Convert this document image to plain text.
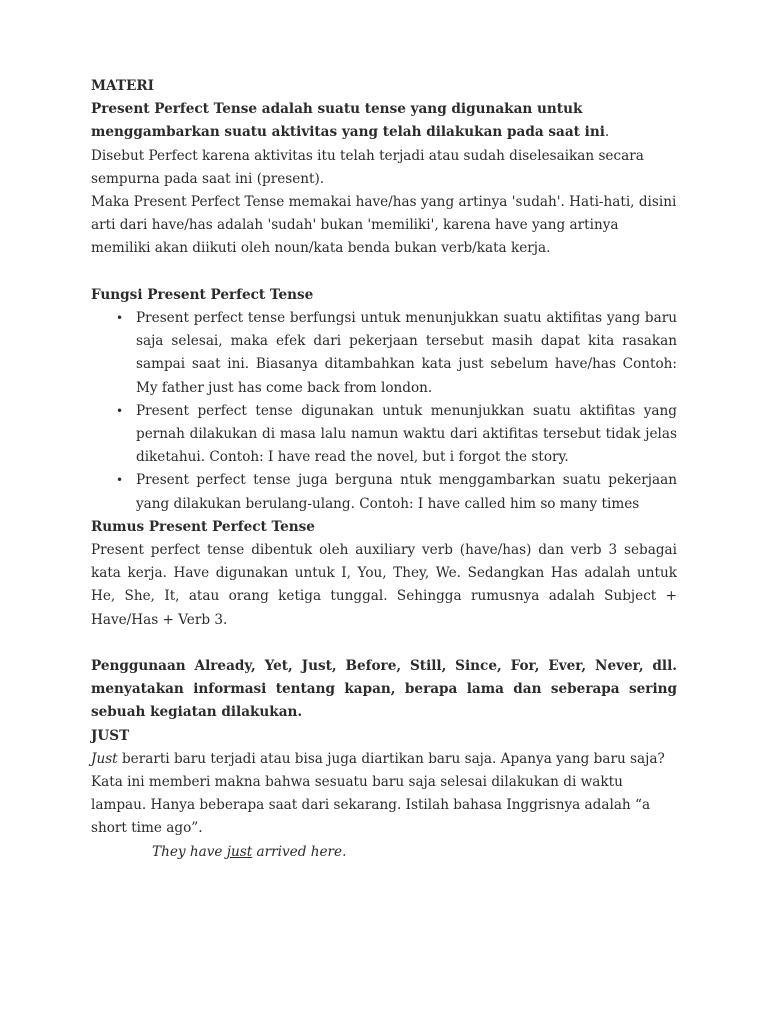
MATERI

Present Perfect Tense adalah suatu tense yang digunakan untuk menggambarkan suatu aktivitas yang telah dilakukan pada saat ini.

Disebut Perfect karena aktivitas itu telah terjadi atau sudah diselesaikan secara sempurna pada saat ini (present).

Maka Present Perfect Tense memakai have/has yang artinya 'sudah'. Hati-hati, disini arti dari have/has adalah 'sudah' bukan 'memiliki', karena have yang artinya memiliki akan diikuti oleh noun/kata benda bukan verb/kata kerja.

Fungsi Present Perfect Tense

• Present perfect tense berfungsi untuk menunjukkan suatu aktifitas yang baru saja selesai, maka efek dari pekerjaan tersebut masih dapat kita rasakan sampai saat ini. Biasanya ditambahkan kata just sebelum have/has Contoh: My father just has come back from london.
• Present perfect tense digunakan untuk menunjukkan suatu aktifitas yang pernah dilakukan di masa lalu namun waktu dari aktifitas tersebut tidak jelas diketahui. Contoh: I have read the novel, but i forgot the story.
• Present perfect tense juga berguna ntuk menggambarkan suatu pekerjaan yang dilakukan berulang-ulang. Contoh: I have called him so many times

Rumus Present Perfect Tense

Present perfect tense dibentuk oleh auxiliary verb (have/has) dan verb 3 sebagai kata kerja. Have digunakan untuk I, You, They, We. Sedangkan Has adalah untuk He, She, It, atau orang ketiga tunggal. Sehingga rumusnya adalah Subject + Have/Has + Verb 3.

Penggunaan Already, Yet, Just, Before, Still, Since, For, Ever, Never, dll. menyatakan informasi tentang kapan, berapa lama dan seberapa sering sebuah kegiatan dilakukan.

JUST

Just berarti baru terjadi atau bisa juga diartikan baru saja. Apanya yang baru saja? Kata ini memberi makna bahwa sesuatu baru saja selesai dilakukan di waktu lampau. Hanya beberapa saat dari sekarang. Istilah bahasa Inggrisnya adalah “a short time ago”.

They have just arrived here.
